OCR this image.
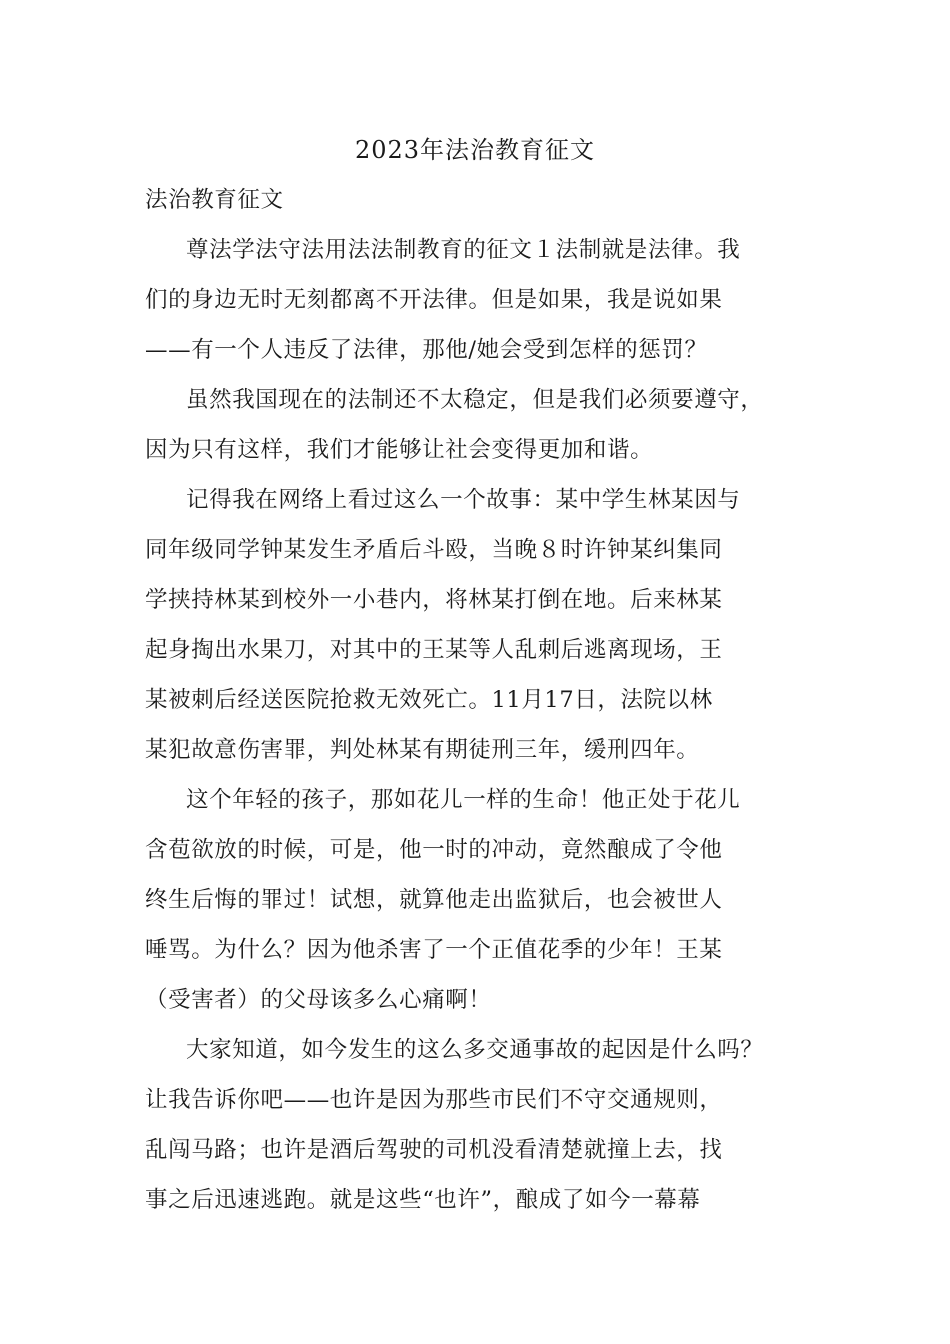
2023年法治教育征文
法治教育征文
尊法学法守法用法法制教育的征文１法制就是法律。我
们的身边无时无刻都离不开法律。但是如果，我是说如果
——有一个人违反了法律，那他/她会受到怎样的惩罚？
虽然我国现在的法制还不太稳定，但是我们必须要遵守，
因为只有这样，我们才能够让社会变得更加和谐。
记得我在网络上看过这么一个故事：某中学生林某因与
同年级同学钟某发生矛盾后斗殴，当晚８时许钟某纠集同
学挟持林某到校外一小巷内，将林某打倒在地。后来林某
起身掏出水果刀，对其中的王某等人乱刺后逃离现场，王
某被刺后经送医院抢救无效死亡。11月17日，法院以林
某犯故意伤害罪，判处林某有期徒刑三年，缓刑四年。
这个年轻的孩子，那如花儿一样的生命！他正处于花儿
含苞欲放的时候，可是，他一时的冲动，竟然酿成了令他
终生后悔的罪过！试想，就算他走出监狱后，也会被世人
唾骂。为什么？因为他杀害了一个正值花季的少年！王某
（受害者）的父母该多么心痛啊！
大家知道，如今发生的这么多交通事故的起因是什么吗？
让我告诉你吧——也许是因为那些市民们不守交通规则，
乱闯马路；也许是酒后驾驶的司机没看清楚就撞上去，找
事之后迅速逃跑。就是这些“也许”，酿成了如今一幕幕
